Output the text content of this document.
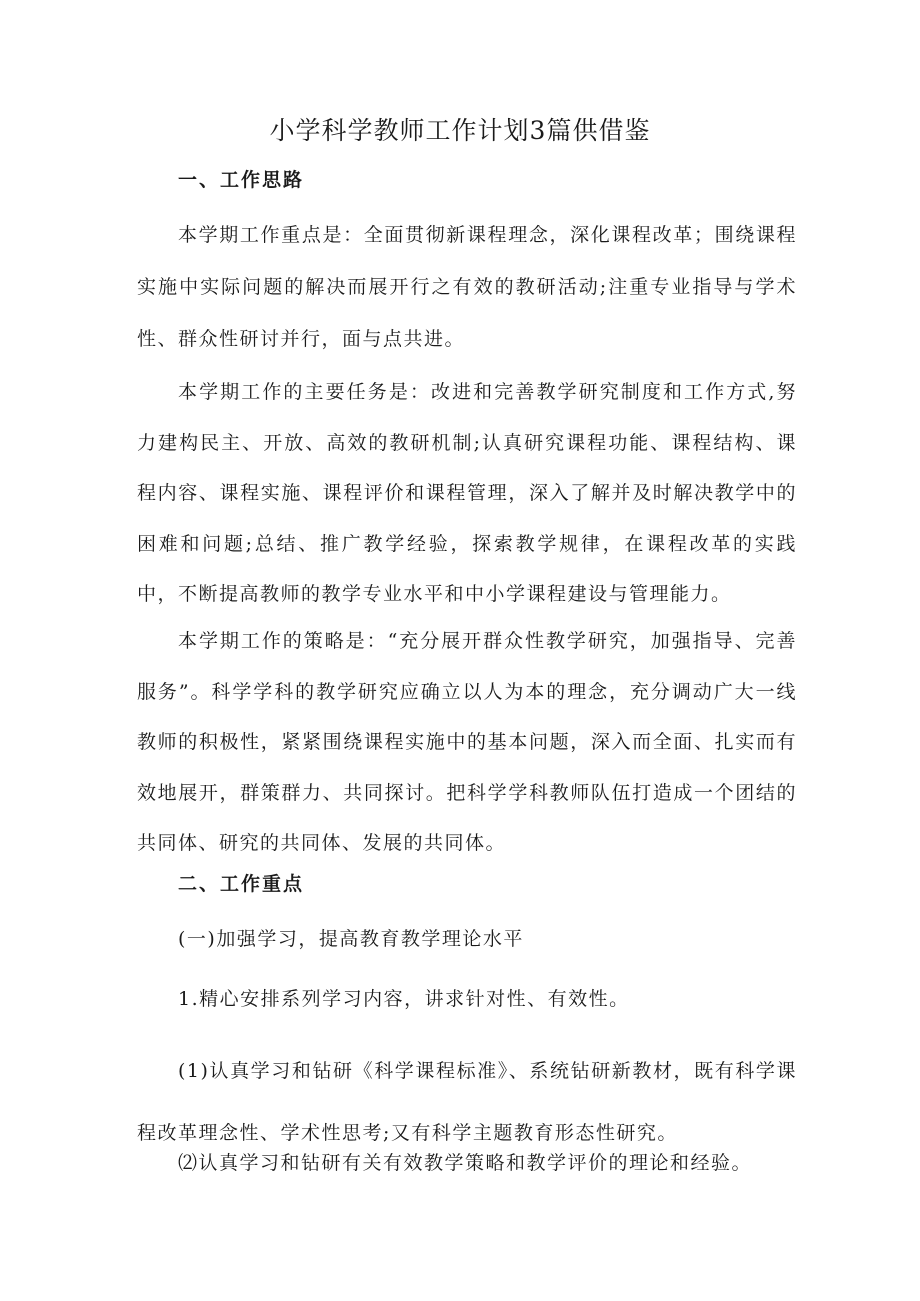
小学科学教师工作计划3篇供借鉴
一、工作思路

本学期工作重点是：全面贯彻新课程理念，深化课程改革；围绕课程实施中实际问题的解决而展开行之有效的教研活动;注重专业指导与学术性、群众性研讨并行，面与点共进。

本学期工作的主要任务是：改进和完善教学研究制度和工作方式,努力建构民主、开放、高效的教研机制;认真研究课程功能、课程结构、课程内容、课程实施、课程评价和课程管理，深入了解并及时解决教学中的困难和问题;总结、推广教学经验，探索教学规律，在课程改革的实践中，不断提高教师的教学专业水平和中小学课程建设与管理能力。

本学期工作的策略是：“充分展开群众性教学研究，加强指导、完善服务”。科学学科的教学研究应确立以人为本的理念，充分调动广大一线教师的积极性，紧紧围绕课程实施中的基本问题，深入而全面、扎实而有效地展开，群策群力、共同探讨。把科学学科教师队伍打造成一个团结的共同体、研究的共同体、发展的共同体。

二、工作重点

(一)加强学习，提高教育教学理论水平

1.精心安排系列学习内容，讲求针对性、有效性。

(1)认真学习和钻研《科学课程标准》、系统钻研新教材，既有科学课程改革理念性、学术性思考;又有科学主题教育形态性研究。

⑵认真学习和钻研有关有效教学策略和教学评价的理论和经验。
